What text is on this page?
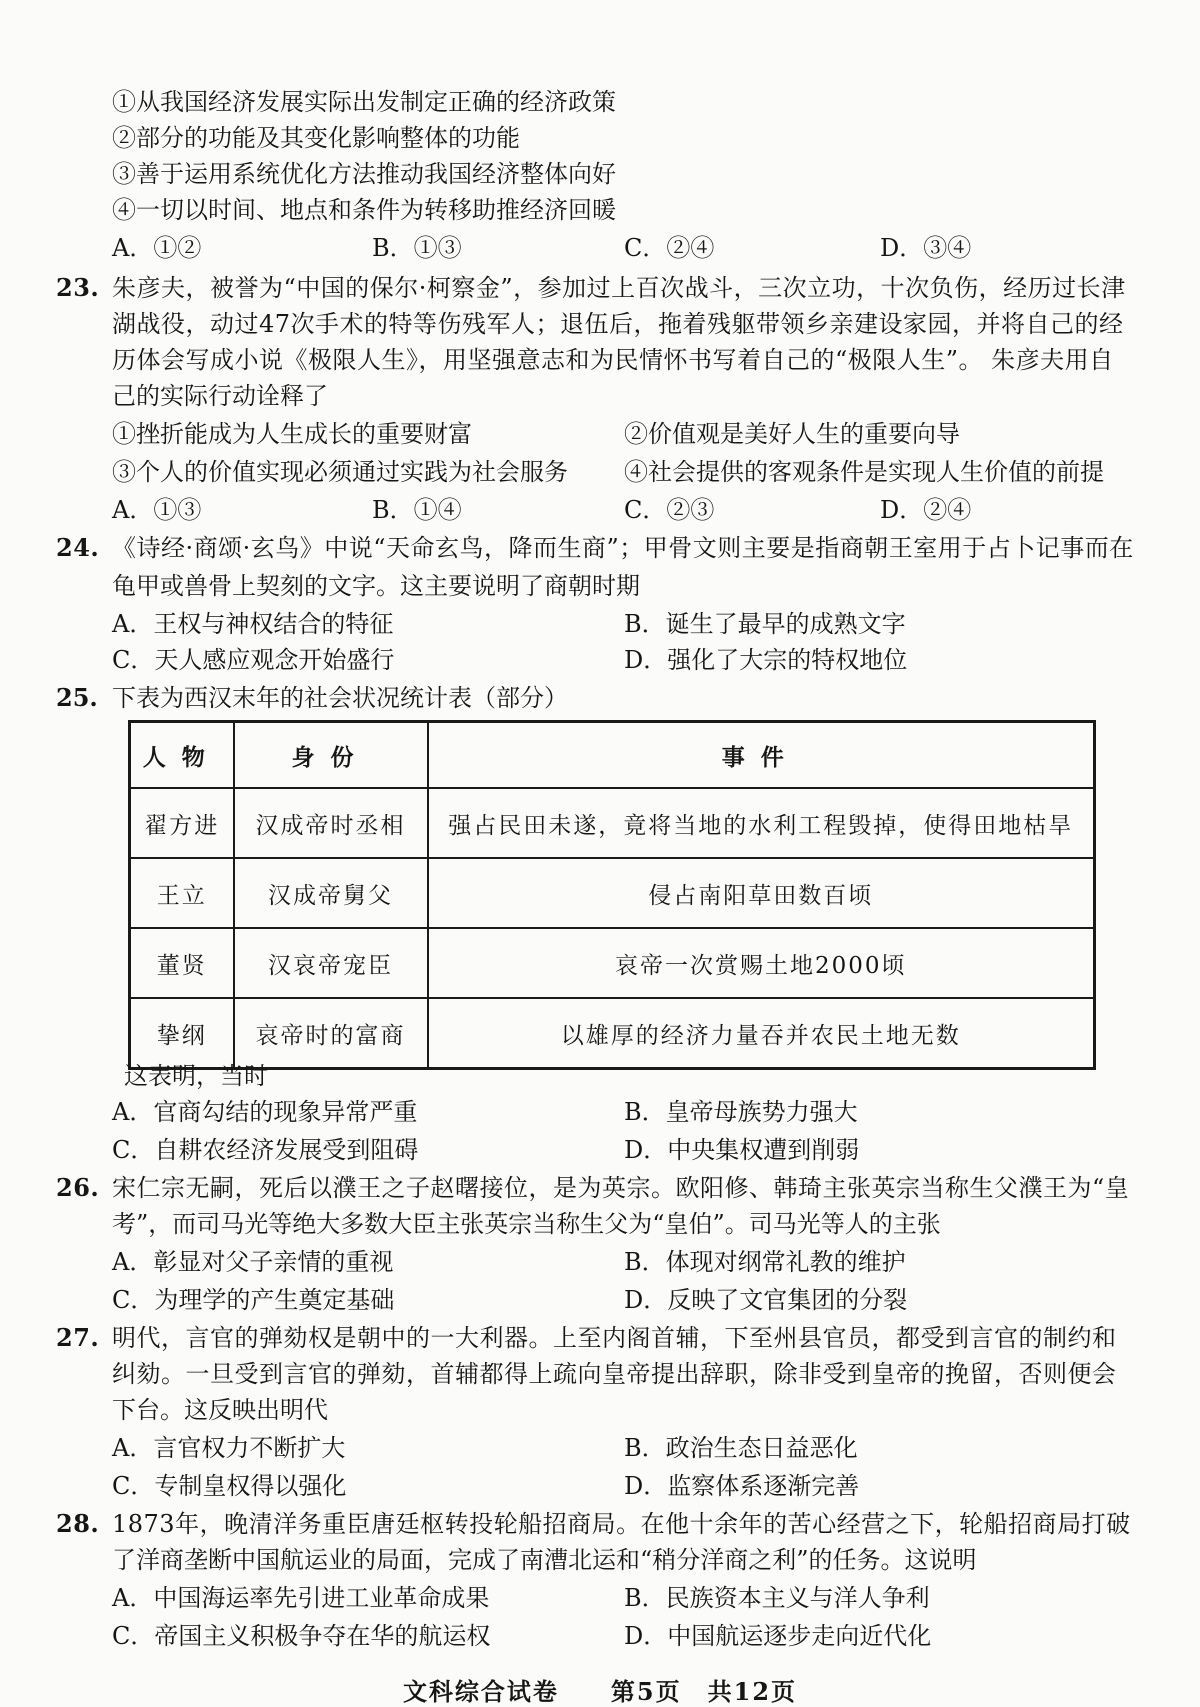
①从我国经济发展实际出发制定正确的经济政策
②部分的功能及其变化影响整体的功能
③善于运用系统优化方法推动我国经济整体向好
④一切以时间、地点和条件为转移助推经济回暖
A．①②	B．①③	C．②④	D．③④
23. 朱彦夫，被誉为“中国的保尔·柯察金”，参加过上百次战斗，三次立功，十次负伤，经历过长津
湖战役，动过47次手术的特等伤残军人；退伍后，拖着残躯带领乡亲建设家园，并将自己的经
历体会写成小说《极限人生》，用坚强意志和为民情怀书写着自己的“极限人生”。 朱彦夫用自
己的实际行动诠释了
①挫折能成为人生成长的重要财富	②价值观是美好人生的重要向导
③个人的价值实现必须通过实践为社会服务 ④社会提供的客观条件是实现人生价值的前提
A．①③	B．①④	C．②③	D．②④
24. 《诗经·商颂·玄鸟》中说“天命玄鸟，降而生商”；甲骨文则主要是指商朝王室用于占卜记事而在
龟甲或兽骨上契刻的文字。这主要说明了商朝时期
A．王权与神权结合的特征	B．诞生了最早的成熟文字
C．天人感应观念开始盛行	D．强化了大宗的特权地位
25. 下表为西汉末年的社会状况统计表（部分）
人物	身份	事件
翟方进	汉成帝时丞相	强占民田未遂，竟将当地的水利工程毁掉，使得田地枯旱
王立	汉成帝舅父	侵占南阳草田数百顷
董贤	汉哀帝宠臣	哀帝一次赏赐土地2000顷
挚纲	哀帝时的富商	以雄厚的经济力量吞并农民土地无数
这表明，当时
A．官商勾结的现象异常严重	B．皇帝母族势力强大
C．自耕农经济发展受到阻碍	D．中央集权遭到削弱
26. 宋仁宗无嗣，死后以濮王之子赵曙接位，是为英宗。欧阳修、韩琦主张英宗当称生父濮王为“皇
考”，而司马光等绝大多数大臣主张英宗当称生父为“皇伯”。司马光等人的主张
A．彰显对父子亲情的重视	B．体现对纲常礼教的维护
C．为理学的产生奠定基础	D．反映了文官集团的分裂
27. 明代，言官的弹劾权是朝中的一大利器。上至内阁首辅，下至州县官员，都受到言官的制约和
纠劾。一旦受到言官的弹劾，首辅都得上疏向皇帝提出辞职，除非受到皇帝的挽留，否则便会
下台。这反映出明代
A．言官权力不断扩大	B．政治生态日益恶化
C．专制皇权得以强化	D．监察体系逐渐完善
28. 1873年，晚清洋务重臣唐廷枢转投轮船招商局。在他十余年的苦心经营之下，轮船招商局打破
了洋商垄断中国航运业的局面，完成了南漕北运和“稍分洋商之利”的任务。这说明
A．中国海运率先引进工业革命成果	B．民族资本主义与洋人争利
C．帝国主义积极争夺在华的航运权	D．中国航运逐步走向近代化
文科综合试卷　　第5页　共12页
